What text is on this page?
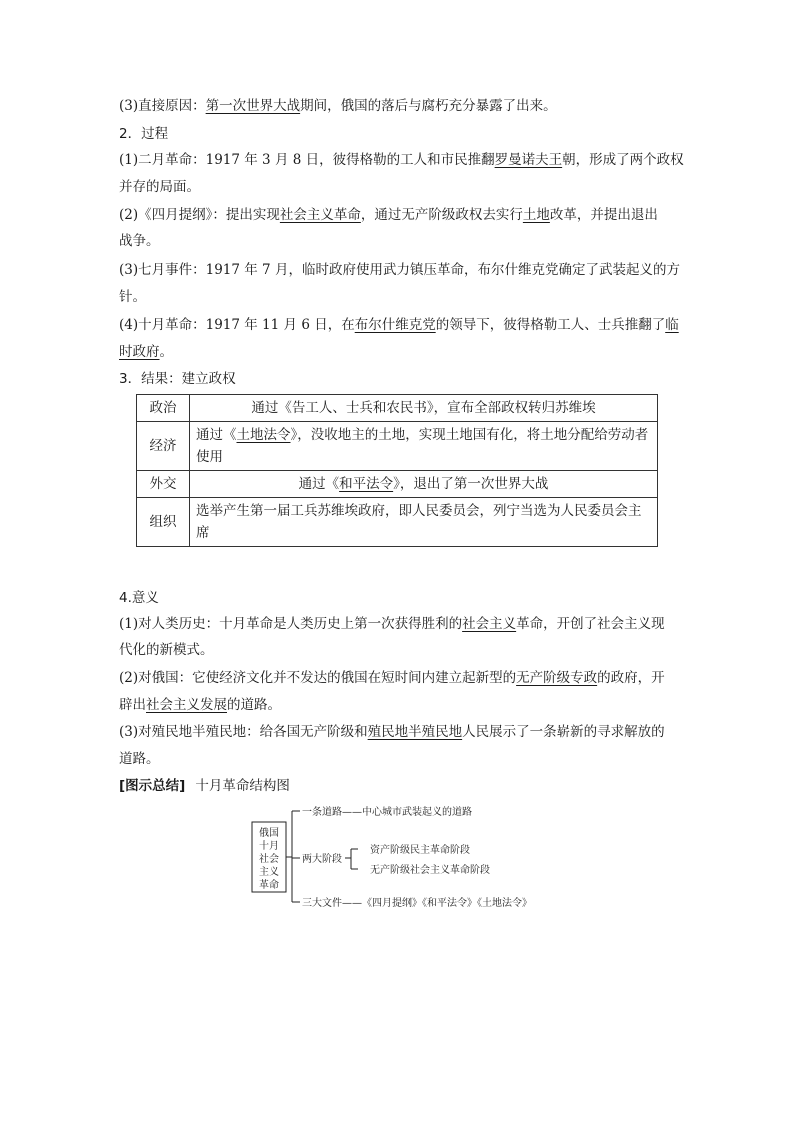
(3)直接原因：第一次世界大战期间，俄国的落后与腐朽充分暴露了出来。
2．过程
(1)二月革命：1917 年 3 月 8 日，彼得格勒的工人和市民推翻罗曼诺夫王朝，形成了两个政权
并存的局面。
(2)《四月提纲》：提出实现社会主义革命，通过无产阶级政权去实行土地改革，并提出退出
战争。
(3)七月事件：1917 年 7 月，临时政府使用武力镇压革命，布尔什维克党确定了武装起义的方
针。
(4)十月革命：1917 年 11 月 6 日，在布尔什维克党的领导下，彼得格勒工人、士兵推翻了临
时政府。
3．结果：建立政权
政治	通过《告工人、士兵和农民书》，宣布全部政权转归苏维埃
经济	通过《土地法令》，没收地主的土地，实现土地国有化，将土地分配给劳动者使用
外交	通过《和平法令》，退出了第一次世界大战
组织	选举产生第一届工兵苏维埃政府，即人民委员会，列宁当选为人民委员会主席
4.意义
(1)对人类历史：十月革命是人类历史上第一次获得胜利的社会主义革命，开创了社会主义现
代化的新模式。
(2)对俄国：它使经济文化并不发达的俄国在短时间内建立起新型的无产阶级专政的政府，开
辟出社会主义发展的道路。
(3)对殖民地半殖民地：给各国无产阶级和殖民地半殖民地人民展示了一条崭新的寻求解放的
道路。
[图示总结] 十月革命结构图
俄国
十月
社会
主义
革命
一条道路——中心城市武装起义的道路
两大阶段
资产阶级民主革命阶段
无产阶级社会主义革命阶段
三大文件——《四月提纲》《和平法令》《土地法令》
